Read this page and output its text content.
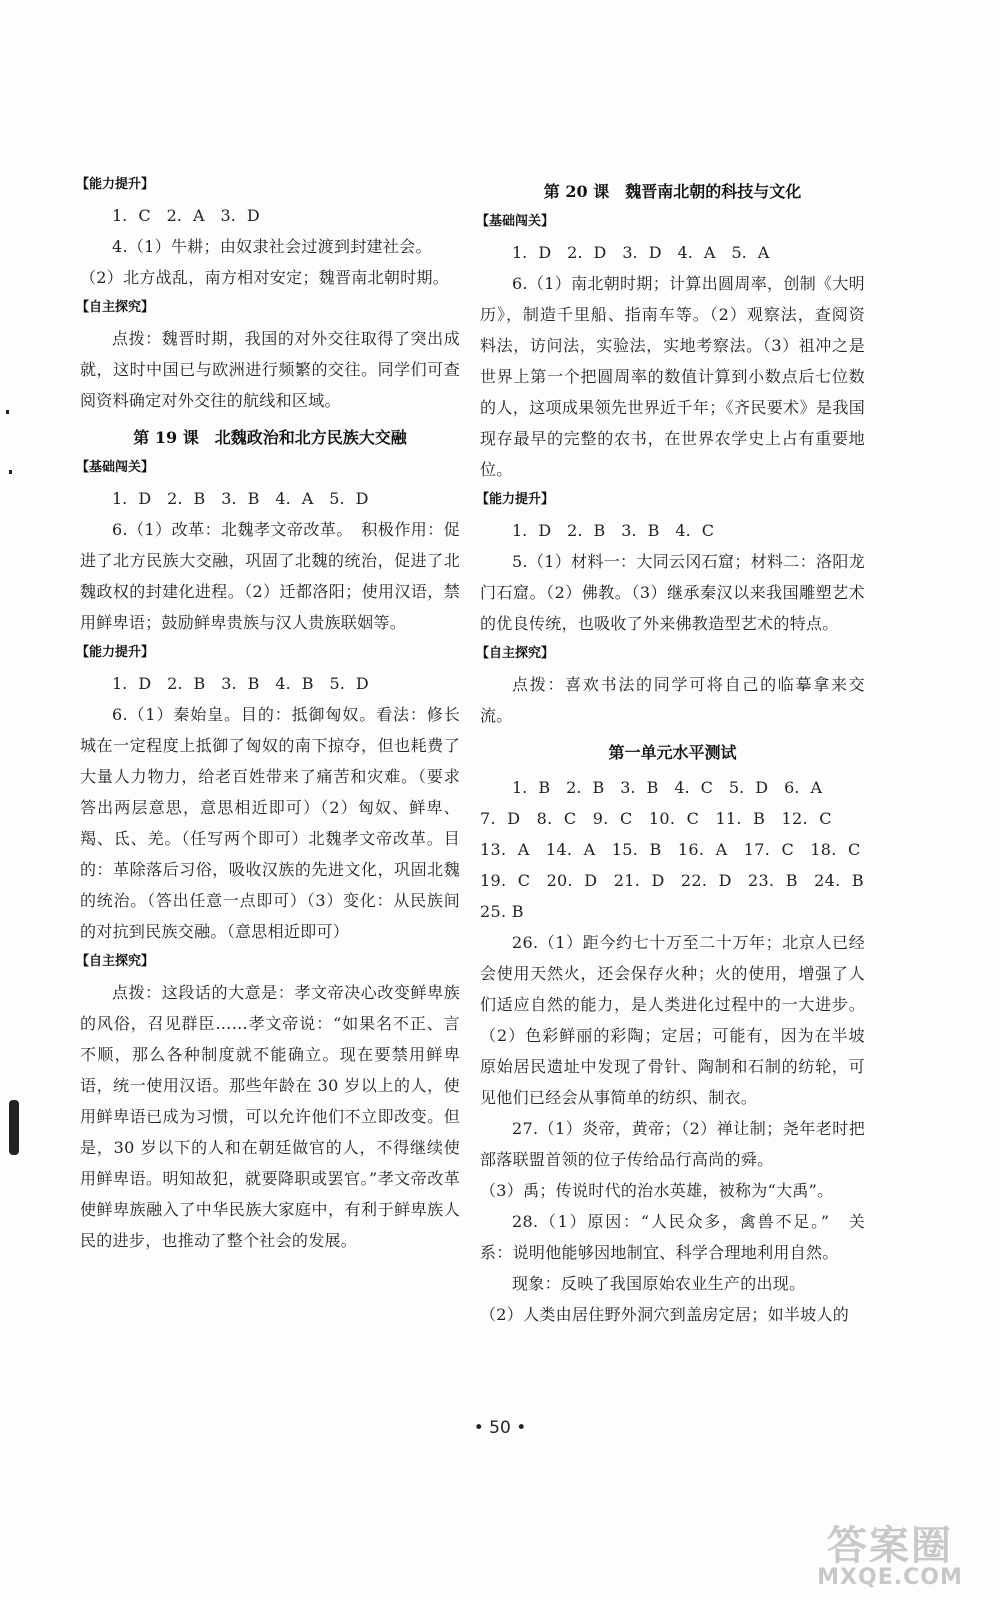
【能力提升】

1. C　2. A　3. D

4.（1）牛耕；由奴隶社会过渡到封建社会。

（2）北方战乱，南方相对安定；魏晋南北朝时期。

【自主探究】

点拨：魏晋时期，我国的对外交往取得了突出成就，这时中国已与欧洲进行频繁的交往。同学们可查阅资料确定对外交往的航线和区域。

第 19 课　北魏政治和北方民族大交融
【基础闯关】

1. D　2. B　3. B　4. A　5. D

6.（1）改革：北魏孝文帝改革。　积极作用：促进了北方民族大交融，巩固了北魏的统治，促进了北魏政权的封建化进程。（2）迁都洛阳；使用汉语，禁用鲜卑语；鼓励鲜卑贵族与汉人贵族联姻等。

【能力提升】

1. D　2. B　3. B　4. B　5. D

6.（1）秦始皇。目的：抵御匈奴。看法：修长城在一定程度上抵御了匈奴的南下掠夺，但也耗费了大量人力物力，给老百姓带来了痛苦和灾难。（要求答出两层意思，意思相近即可）（2）匈奴、鲜卑、羯、氐、羌。（任写两个即可）北魏孝文帝改革。目的：革除落后习俗，吸收汉族的先进文化，巩固北魏的统治。（答出任意一点即可）（3）变化：从民族间的对抗到民族交融。（意思相近即可）

【自主探究】

点拨：这段话的大意是：孝文帝决心改变鲜卑族的风俗，召见群臣……孝文帝说：“如果名不正、言不顺，那么各种制度就不能确立。现在要禁用鲜卑语，统一使用汉语。那些年龄在 30 岁以上的人，使用鲜卑语已成为习惯，可以允许他们不立即改变。但是，30 岁以下的人和在朝廷做官的人，不得继续使用鲜卑语。明知故犯，就要降职或罢官。”孝文帝改革使鲜卑族融入了中华民族大家庭中，有利于鲜卑族人民的进步，也推动了整个社会的发展。

第 20 课　魏晋南北朝的科技与文化
【基础闯关】

1. D　2. D　3. D　4. A　5. A

6.（1）南北朝时期；计算出圆周率，创制《大明历》，制造千里船、指南车等。（2）观察法，查阅资料法，访问法，实验法，实地考察法。（3）祖冲之是世界上第一个把圆周率的数值计算到小数点后七位数的人，这项成果领先世界近千年；《齐民要术》是我国现存最早的完整的农书，在世界农学史上占有重要地位。

【能力提升】

1. D　2. B　3. B　4. C

5.（1）材料一：大同云冈石窟；材料二：洛阳龙门石窟。（2）佛教。（3）继承秦汉以来我国雕塑艺术的优良传统，也吸收了外来佛教造型艺术的特点。

【自主探究】

点拨：喜欢书法的同学可将自己的临摹拿来交流。

第一单元水平测试

1. B　2. B　3. B　4. C　5. D　6. A

7. D　8. C　9. C　10. C　11. B　12. C

13. A　14. A　15. B　16. A　17. C　18. C

19. C　20. D　21. D　22. D　23. B　24. B

25. B

26.（1）距今约七十万至二十万年；北京人已经会使用天然火，还会保存火种；火的使用，增强了人们适应自然的能力，是人类进化过程中的一大进步。（2）色彩鲜丽的彩陶；定居；可能有，因为在半坡原始居民遗址中发现了骨针、陶制和石制的纺轮，可见他们已经会从事简单的纺织、制衣。

27.（1）炎帝，黄帝；（2）禅让制；尧年老时把部落联盟首领的位子传给品行高尚的舜。

（3）禹；传说时代的治水英雄，被称为“大禹”。

28.（1）原因：“人民众多，禽兽不足。”　关系：说明他能够因地制宜、科学合理地利用自然。

现象：反映了我国原始农业生产的出现。

（2）人类由居住野外洞穴到盖房定居；如半坡人的

• 50 •
答案圈
MXQE.COM
